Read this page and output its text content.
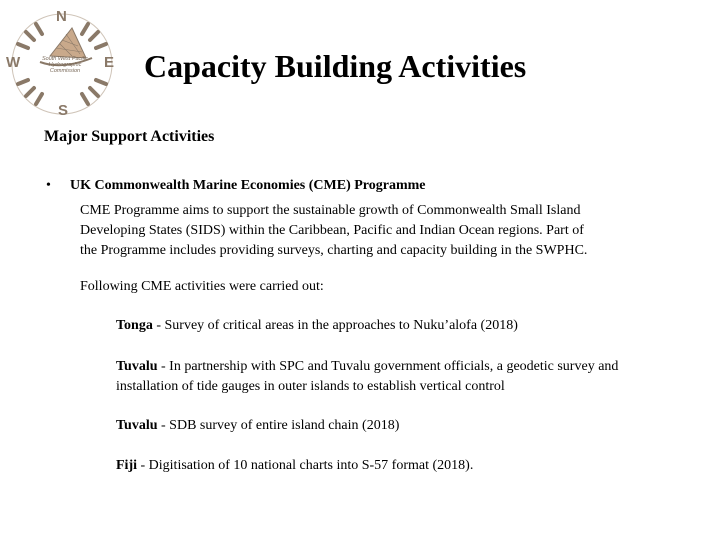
N
S
E
W	South West Pacific Hydrographic Commission	Capacity Building Activities
Major Support Activities
• UK Commonwealth Marine Economies (CME) Programme
CME Programme aims to support the sustainable growth of Commonwealth Small Island
Developing States (SIDS) within the Caribbean, Pacific and Indian Ocean regions. Part of
the Programme includes providing surveys, charting and capacity building in the SWPHC.
Following CME activities were carried out:
Tonga - Survey of critical areas in the approaches to Nuku’alofa (2018)
Tuvalu - In partnership with SPC and Tuvalu government officials, a geodetic survey and installation of tide gauges in outer islands to establish vertical control
Tuvalu - SDB survey of entire island chain (2018)
Fiji - Digitisation of 10 national charts into S-57 format (2018).
